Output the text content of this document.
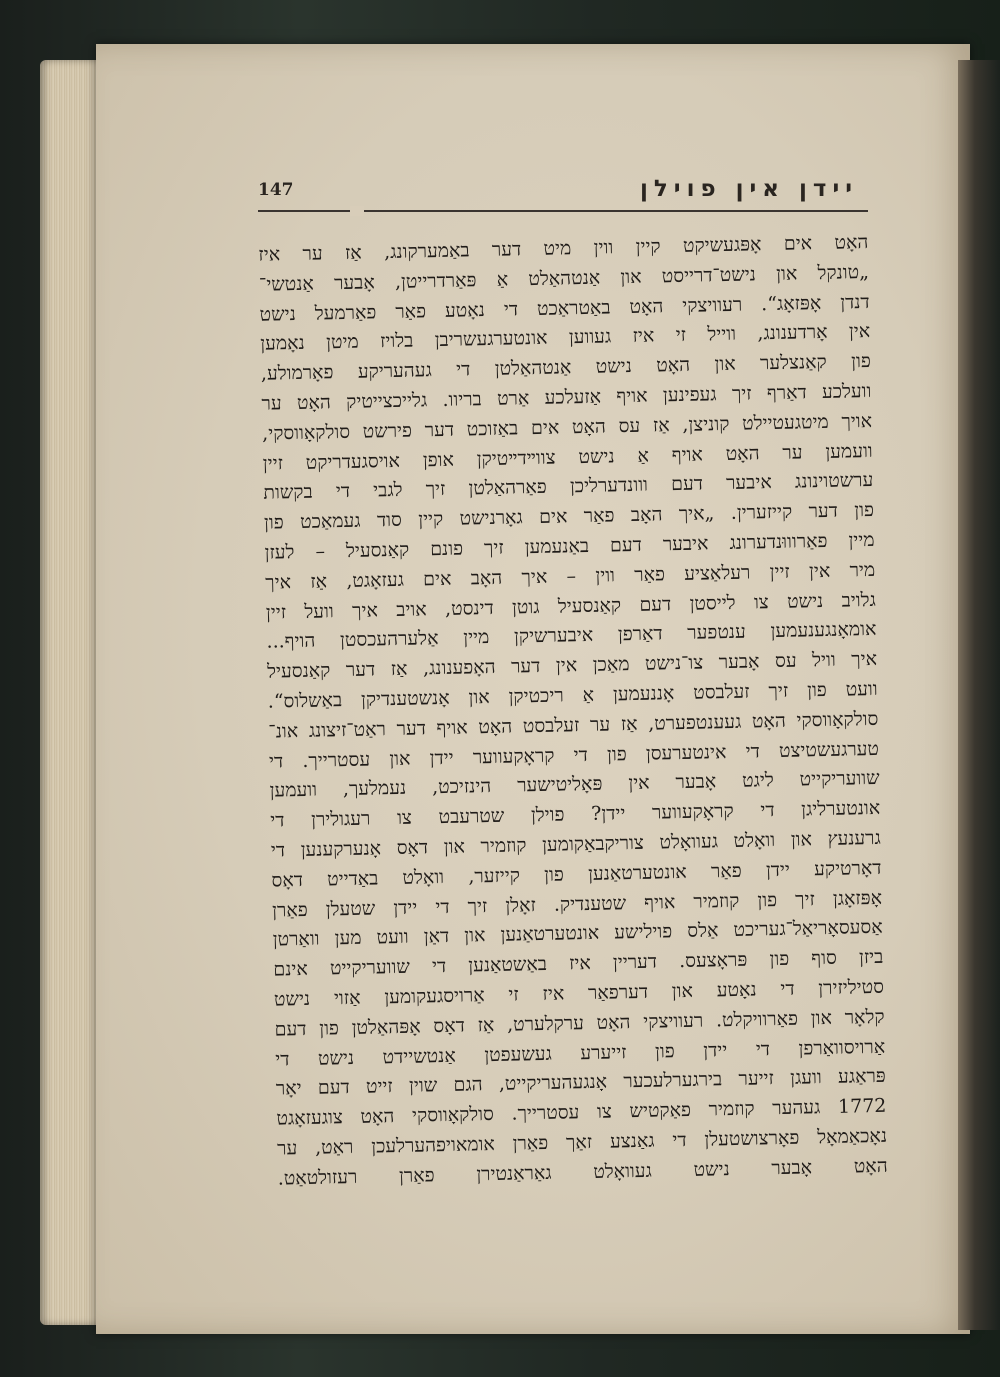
147	יידן אין פוילן
האָט אים אָפּגעשיקט קיין ווין מיט דער באַמערקונג, אַז ער איז
„טונקל און נישט־דרייסט און אַנטהאַלט אַ פּאַרדרייטן, אָבער אַנטשי־
דנדן אָפּזאָג“. רעוויצקי האָט באַטראַכט די נאָטע פאַר פאַרמעל נישט
אין אָרדענונג, ווייל זי איז געווען אונטערגעשריבן בלויז מיטן נאָמען
פון קאַנצלער און האָט נישט אַנטהאַלטן די געהעריקע פאָרמולע,
וועלכע דאַרף זיך געפינען אויף אַזעלכע אַרט בריוו. גלייכצייטיק האָט ער
אויך מיטגעטיילט קוניצן, אַז עס האָט אים באַזוכט דער פירשט סולקאָווסקי,
וועמען ער האָט אויף אַ נישט צווײדײטיקן אופן אויסגעדריקט זיין
ערשטוינונג איבער דעם ווונדערליכן פאַרהאַלטן זיך לגבי די בקשות
פון דער קייזערין. „איך האָב פאַר אים גאָרנישט קיין סוד געמאַכט פון
מיין פאַרוווּנדערונג איבער דעם באַנעמען זיך פונם קאַנסעיל – לעזן
מיר אין זיין רעלאַציע פאַר ווין – איך האָב אים געזאָגט, אַז איך
גלויב נישט צו לייסטן דעם קאַנסעיל גוטן דינסט, אויב איך וועל זיין
אומאָנגענעמען ענטפער דאַרפן איבערשיקן מיין אַלערהעכסטן הויף...
איך וויל עס אָבער צו־נישט מאַכן אין דער האָפענונג, אַז דער קאַנסעיל
וועט פון זיך זעלבסט אָננעמען אַ ריכטיקן און אָנשטענדיקן באַשלוס“.
סולקאָווסקי האָט געענטפערט, אַז ער זעלבסט האָט אויף דער ראַט־זיצונג אונ־
טערגעשטיצט די אינטערעסן פון די קראָקעווער יידן און עסטרייך. די
שוועריקייט ליגט אָבער אין פּאָליטישער הינזיכט, נעמלעך, וועמען
אונטערליגן די קראָקעווער יידן? פוילן שטרעבט צו רעגולירן די
גרענעץ און וואָלט געוואָלט צוריקבאַקומען קוזמיר און דאָס אָנערקענען די
דאָרטיקע יידן פאַר אונטערטאַנען פון קייזער, וואָלט באַדייט דאָס
אָפּזאָגן זיך פון קוזמיר אויף שטענדיק. זאָלן זיך די יידן שטעלן פאַרן
אַסעסאָריאַל־געריכט אַלס פוילישע אונטערטאַנען און דאַן וועט מען וואַרטן
ביזן סוף פון פּראָצעס. דעריין איז באַשטאַנען די שוועריקייט אינם
סטיליזירן די נאָטע און דערפאַר איז זי אַרויסגעקומען אַזוי נישט
קלאָר און פאַרוויקלט. רעוויצקי האָט ערקלערט, אַז דאָס אָפּהאַלטן פון דעם
אַרויסוואַרפן די יידן פון זייערע געשעפטן אַנטשיידט נישט די
פּראַגע וועגן זייער בירגערלעכער אָנגעהעריקייט, הגם שוין זייט דעם יאָר
1772 געהער קוזמיר פאַקטיש צו עסטרייך. סולקאָווסקי האָט צוגעזאָגט
נאָכאַמאָל פאָרצושטעלן די גאַנצע זאַך פאַרן אומאויפהערלעכן ראַט, ער
האָט אָבער נישט געוואָלט גאַראַנטירן פאַרן רעזולטאַט.
